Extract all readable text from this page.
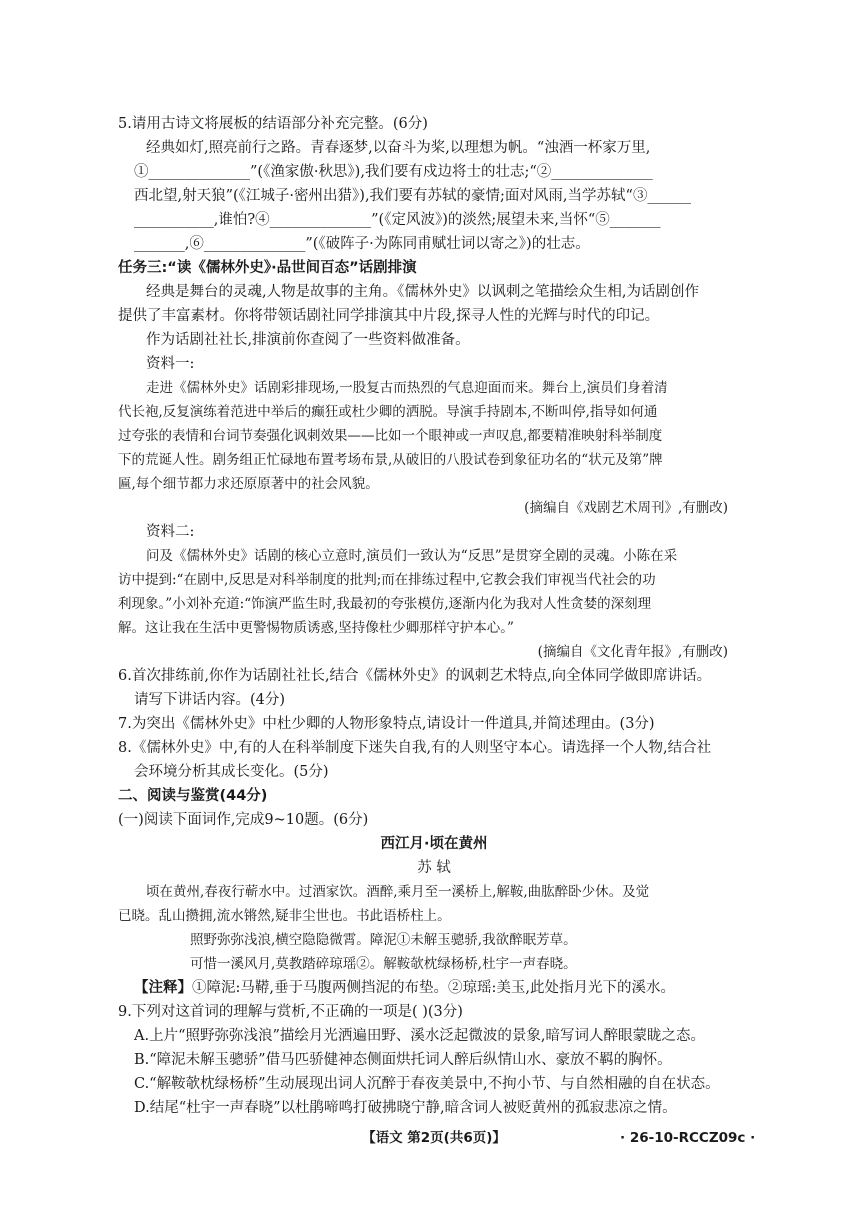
5.请用古诗文将展板的结语部分补充完整。(6分)
经典如灯,照亮前行之路。青春逐梦,以奋斗为桨,以理想为帆。“浊酒一杯家万里,
①______________”(《渔家傲·秋思》),我们要有戍边将士的壮志;“②______________
西北望,射天狼”(《江城子·密州出猎》),我们要有苏轼的豪情;面对风雨,当学苏轼“③______
___________,谁怕?④______________”(《定风波》)的淡然;展望未来,当怀“⑤_______
_______,⑥______________”(《破阵子·为陈同甫赋壮词以寄之》)的壮志。
任务三:“读《儒林外史》·品世间百态”话剧排演
经典是舞台的灵魂,人物是故事的主角。《儒林外史》以讽刺之笔描绘众生相,为话剧创作
提供了丰富素材。你将带领话剧社同学排演其中片段,探寻人性的光辉与时代的印记。
作为话剧社社长,排演前你查阅了一些资料做准备。
资料一:
走进《儒林外史》话剧彩排现场,一股复古而热烈的气息迎面而来。舞台上,演员们身着清
代长袍,反复演练着范进中举后的癫狂或杜少卿的洒脱。导演手持剧本,不断叫停,指导如何通
过夸张的表情和台词节奏强化讽刺效果——比如一个眼神或一声叹息,都要精准映射科举制度
下的荒诞人性。剧务组正忙碌地布置考场布景,从破旧的八股试卷到象征功名的“状元及第”牌
匾,每个细节都力求还原原著中的社会风貌。
(摘编自《戏剧艺术周刊》,有删改)
资料二:
问及《儒林外史》话剧的核心立意时,演员们一致认为“反思”是贯穿全剧的灵魂。小陈在采
访中提到:“在剧中,反思是对科举制度的批判;而在排练过程中,它教会我们审视当代社会的功
利现象。”小刘补充道:“饰演严监生时,我最初的夸张模仿,逐渐内化为我对人性贪婪的深刻理
解。这让我在生活中更警惕物质诱惑,坚持像杜少卿那样守护本心。”
(摘编自《文化青年报》,有删改)
6.首次排练前,你作为话剧社社长,结合《儒林外史》的讽刺艺术特点,向全体同学做即席讲话。
请写下讲话内容。(4分)
7.为突出《儒林外史》中杜少卿的人物形象特点,请设计一件道具,并简述理由。(3分)
8.《儒林外史》中,有的人在科举制度下迷失自我,有的人则坚守本心。请选择一个人物,结合社
会环境分析其成长变化。(5分)
二、阅读与鉴赏(44分)
(一)阅读下面词作,完成9~10题。(6分)
西江月·顷在黄州
苏 轼
顷在黄州,春夜行蕲水中。过酒家饮。酒醉,乘月至一溪桥上,解鞍,曲肱醉卧少休。及觉
已晓。乱山攒拥,流水锵然,疑非尘世也。书此语桥柱上。
照野弥弥浅浪,横空隐隐微霄。障泥①未解玉骢骄,我欲醉眠芳草。
可惜一溪风月,莫教踏碎琼瑶②。解鞍欹枕绿杨桥,杜宇一声春晓。
【注释】①障泥:马鞯,垂于马腹两侧挡泥的布垫。②琼瑶:美玉,此处指月光下的溪水。
9.下列对这首词的理解与赏析,不正确的一项是( )(3分)
A.上片“照野弥弥浅浪”描绘月光洒遍田野、溪水泛起微波的景象,暗写词人醉眼蒙眬之态。
B.“障泥未解玉骢骄”借马匹骄健神态侧面烘托词人醉后纵情山水、豪放不羁的胸怀。
C.“解鞍欹枕绿杨桥”生动展现出词人沉醉于春夜美景中,不拘小节、与自然相融的自在状态。
D.结尾“杜宇一声春晓”以杜鹃啼鸣打破拂晓宁静,暗含词人被贬黄州的孤寂悲凉之情。
【语文 第2页(共6页)】	· 26-10-RCCZ09c ·
